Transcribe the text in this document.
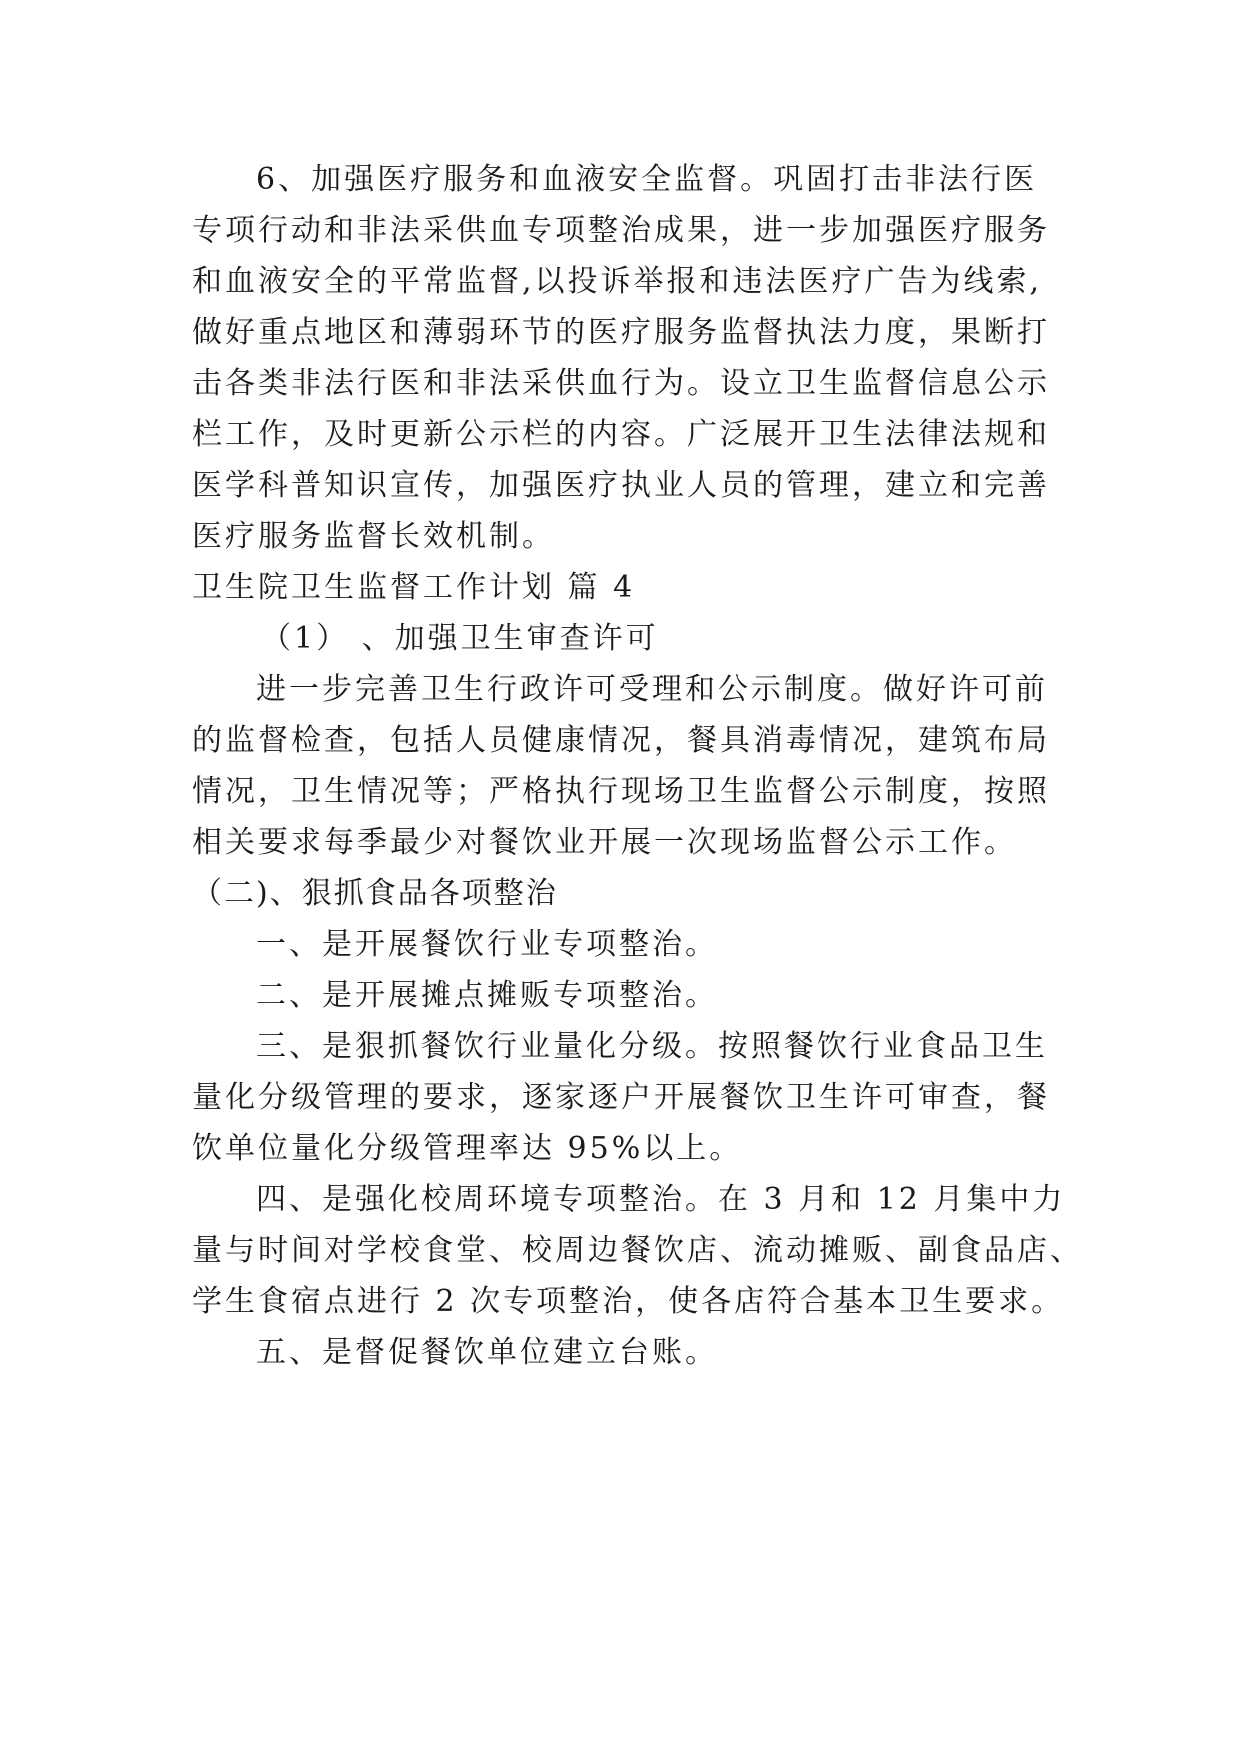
6、加强医疗服务和血液安全监督。巩固打击非法行医

专项行动和非法采供血专项整治成果，进一步加强医疗服务

和血液安全的平常监督,以投诉举报和违法医疗广告为线索,

做好重点地区和薄弱环节的医疗服务监督执法力度，果断打

击各类非法行医和非法采供血行为。设立卫生监督信息公示

栏工作，及时更新公示栏的内容。广泛展开卫生法律法规和

医学科普知识宣传，加强医疗执业人员的管理，建立和完善

医疗服务监督长效机制。

卫生院卫生监督工作计划 篇 4

（1） 、加强卫生审查许可

进一步完善卫生行政许可受理和公示制度。做好许可前

的监督检查，包括人员健康情况，餐具消毒情况，建筑布局

情况，卫生情况等；严格执行现场卫生监督公示制度，按照

相关要求每季最少对餐饮业开展一次现场监督公示工作。

（二)、狠抓食品各项整治

一、是开展餐饮行业专项整治。

二、是开展摊点摊贩专项整治。

三、是狠抓餐饮行业量化分级。按照餐饮行业食品卫生

量化分级管理的要求，逐家逐户开展餐饮卫生许可审查，餐

饮单位量化分级管理率达 95%以上。

四、是强化校周环境专项整治。在 3 月和 12 月集中力

量与时间对学校食堂、校周边餐饮店、流动摊贩、副食品店、

学生食宿点进行 2 次专项整治，使各店符合基本卫生要求。

五、是督促餐饮单位建立台账。
